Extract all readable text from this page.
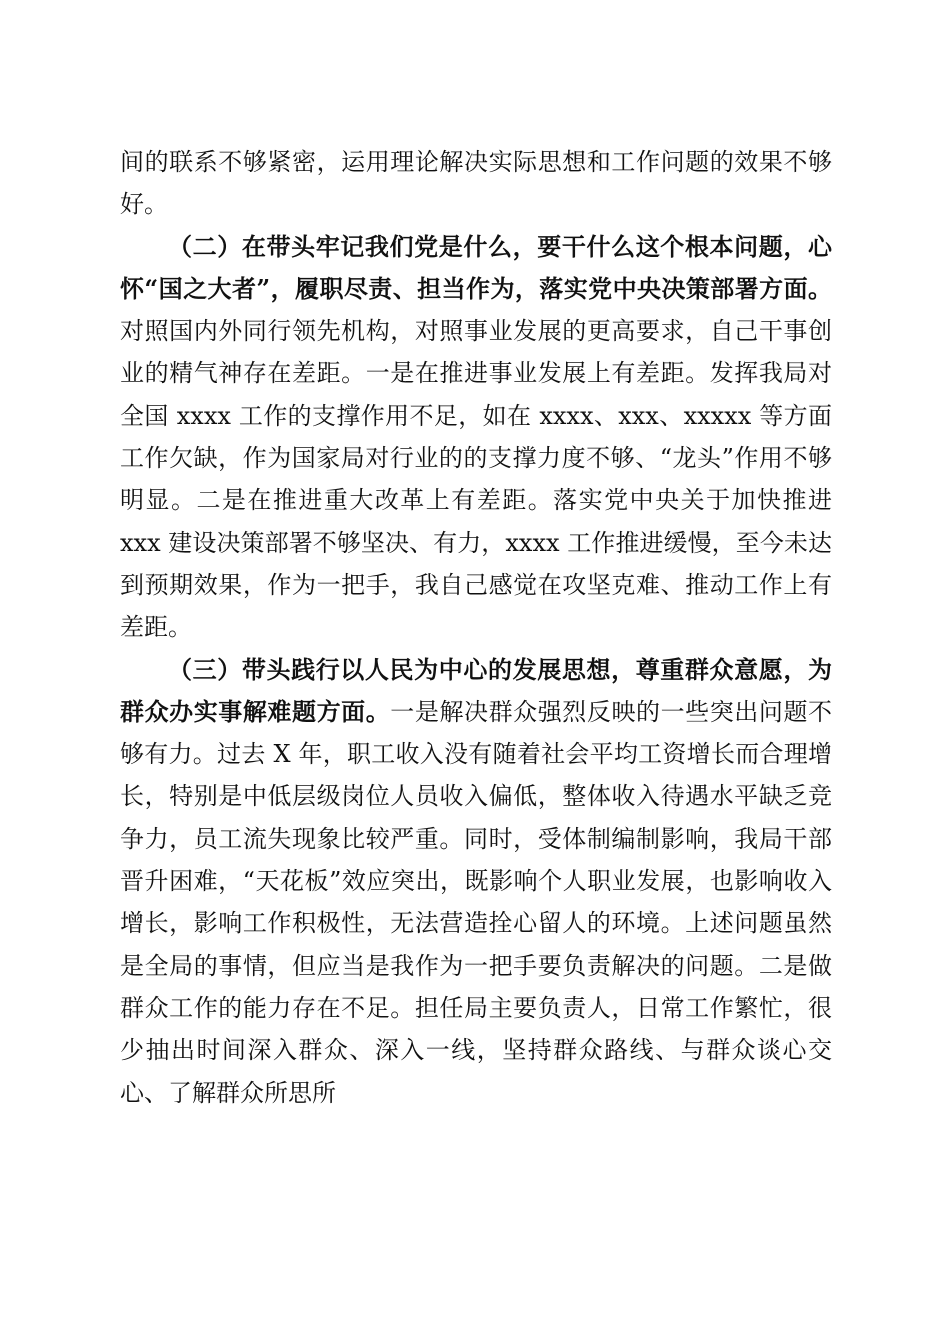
间的联系不够紧密，运用理论解决实际思想和工作问题的效果不够好。

（二）在带头牢记我们党是什么，要干什么这个根本问题，心怀“国之大者”，履职尽责、担当作为，落实党中央决策部署方面。对照国内外同行领先机构，对照事业发展的更高要求，自己干事创业的精气神存在差距。一是在推进事业发展上有差距。发挥我局对全国 xxxx 工作的支撑作用不足，如在 xxxx、xxx、xxxxx 等方面工作欠缺，作为国家局对行业的的支撑力度不够、“龙头”作用不够明显。二是在推进重大改革上有差距。落实党中央关于加快推进 xxx 建设决策部署不够坚决、有力，xxxx 工作推进缓慢，至今未达到预期效果，作为一把手，我自己感觉在攻坚克难、推动工作上有差距。

（三）带头践行以人民为中心的发展思想，尊重群众意愿，为群众办实事解难题方面。一是解决群众强烈反映的一些突出问题不够有力。过去 X 年，职工收入没有随着社会平均工资增长而合理增长，特别是中低层级岗位人员收入偏低，整体收入待遇水平缺乏竞争力，员工流失现象比较严重。同时，受体制编制影响，我局干部晋升困难，“天花板”效应突出，既影响个人职业发展，也影响收入增长，影响工作积极性，无法营造拴心留人的环境。上述问题虽然是全局的事情，但应当是我作为一把手要负责解决的问题。二是做群众工作的能力存在不足。担任局主要负责人，日常工作繁忙，很少抽出时间深入群众、深入一线，坚持群众路线、与群众谈心交心、了解群众所思所
